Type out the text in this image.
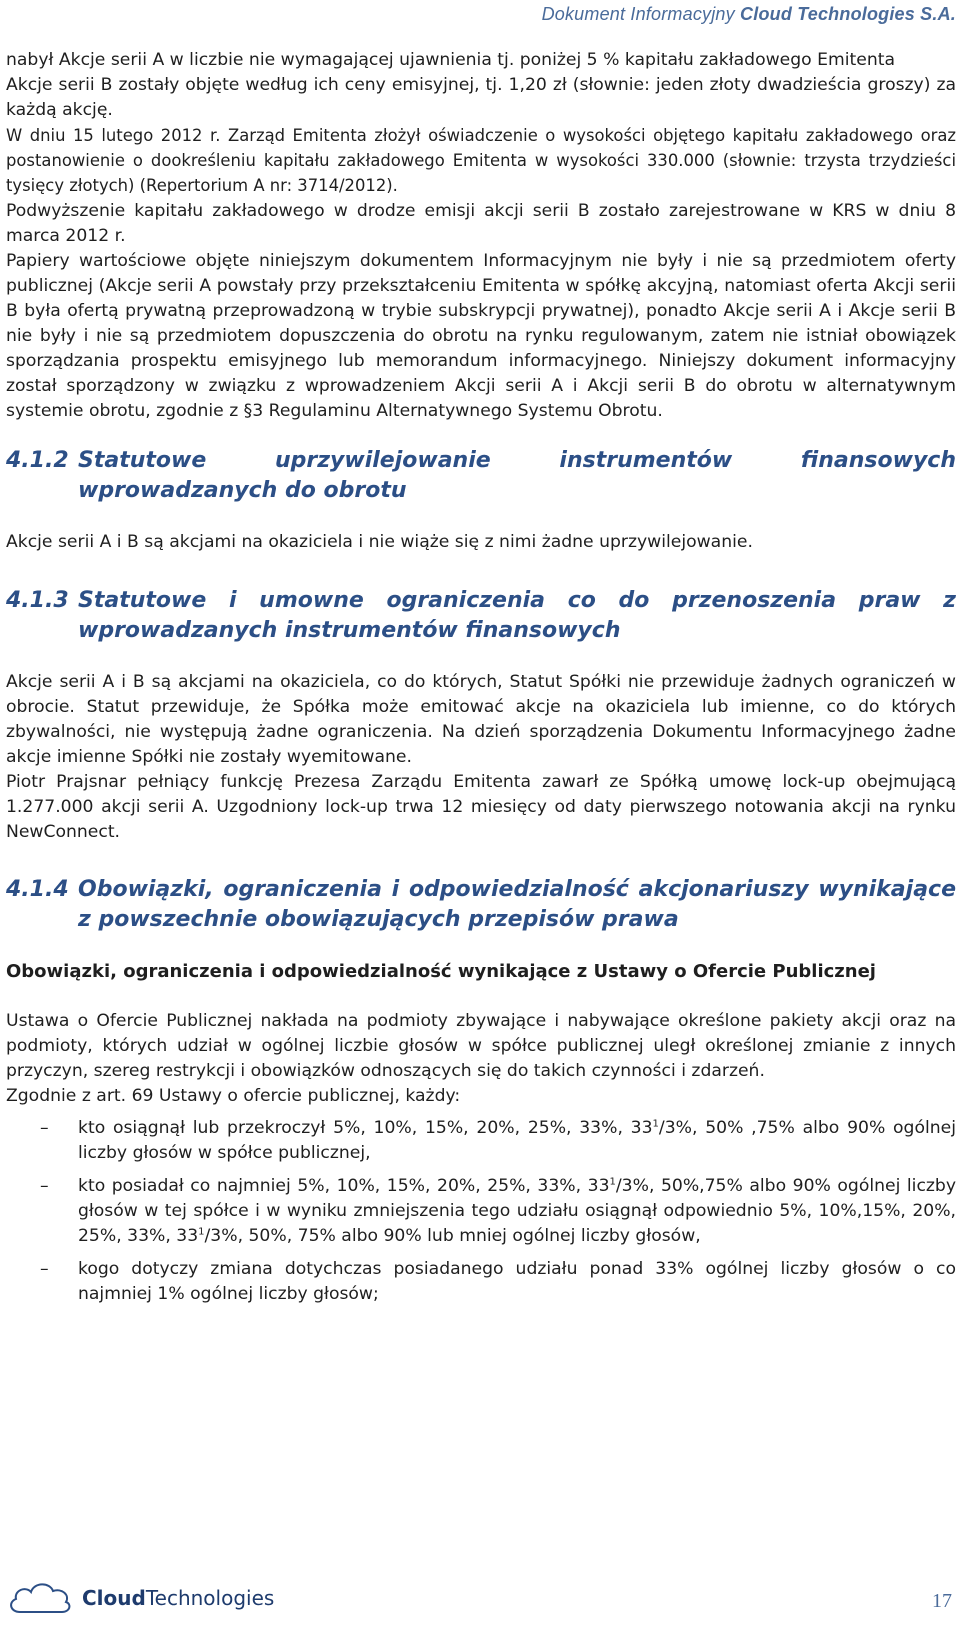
Dokument Informacyjny Cloud Technologies S.A.

nabył Akcje serii A w liczbie nie wymagającej ujawnienia tj. poniżej 5 % kapitału zakładowego Emitenta

Akcje serii B zostały objęte według ich ceny emisyjnej, tj. 1,20 zł (słownie: jeden złoty dwadzieścia groszy) za każdą akcję.

W dniu 15 lutego 2012 r. Zarząd Emitenta złożył oświadczenie o wysokości objętego kapitału zakładowego oraz postanowienie o dookreśleniu kapitału zakładowego Emitenta w wysokości 330.000 (słownie: trzysta trzydzieści tysięcy złotych) (Repertorium A nr: 3714/2012).

Podwyższenie kapitału zakładowego w drodze emisji akcji serii B zostało zarejestrowane w KRS w dniu 8 marca 2012 r.

Papiery wartościowe objęte niniejszym dokumentem Informacyjnym nie były i nie są przedmiotem oferty publicznej (Akcje serii A powstały przy przekształceniu Emitenta w spółkę akcyjną, natomiast oferta Akcji serii B była ofertą prywatną przeprowadzoną w trybie subskrypcji prywatnej), ponadto Akcje serii A i Akcje serii B nie były i nie są przedmiotem dopuszczenia do obrotu na rynku regulowanym, zatem nie istniał obowiązek sporządzania prospektu emisyjnego lub memorandum informacyjnego. Niniejszy dokument informacyjny został sporządzony w związku z wprowadzeniem Akcji serii A i Akcji serii B do obrotu w alternatywnym systemie obrotu, zgodnie z §3 Regulaminu Alternatywnego Systemu Obrotu.

4.1.2 Statutowe uprzywilejowanie instrumentów finansowych wprowadzanych do obrotu

Akcje serii A i B są akcjami na okaziciela i nie wiąże się z nimi żadne uprzywilejowanie.

4.1.3 Statutowe i umowne ograniczenia co do przenoszenia praw z wprowadzanych instrumentów finansowych

Akcje serii A i B są akcjami na okaziciela, co do których, Statut Spółki nie przewiduje żadnych ograniczeń w obrocie. Statut przewiduje, że Spółka może emitować akcje na okaziciela lub imienne, co do których zbywalności, nie występują żadne ograniczenia. Na dzień sporządzenia Dokumentu Informacyjnego żadne akcje imienne Spółki nie zostały wyemitowane.

Piotr Prajsnar pełniący funkcję Prezesa Zarządu Emitenta zawarł ze Spółką umowę lock-up obejmującą 1.277.000 akcji serii A. Uzgodniony lock-up trwa 12 miesięcy od daty pierwszego notowania akcji na rynku NewConnect.

4.1.4 Obowiązki, ograniczenia i odpowiedzialność akcjonariuszy wynikające z powszechnie obowiązujących przepisów prawa
Obowiązki, ograniczenia i odpowiedzialność wynikające z Ustawy o Ofercie Publicznej

Ustawa o Ofercie Publicznej nakłada na podmioty zbywające i nabywające określone pakiety akcji oraz na podmioty, których udział w ogólnej liczbie głosów w spółce publicznej uległ określonej zmianie z innych przyczyn, szereg restrykcji i obowiązków odnoszących się do takich czynności i zdarzeń.

Zgodnie z art. 69 Ustawy o ofercie publicznej, każdy:

–	kto osiągnął lub przekroczył 5%, 10%, 15%, 20%, 25%, 33%, $33^1/3\%$, 50% ,75% albo 90% ogólnej liczby głosów w spółce publicznej,
–	kto posiadał co najmniej 5%, 10%, 15%, 20%, 25%, 33%, $33^1/3\%$, 50%,75% albo 90% ogólnej liczby głosów w tej spółce i w wyniku zmniejszenia tego udziału osiągnął odpowiednio 5%, 10%,15%, 20%, 25%, 33%, $33^1/3\%$, 50%, 75% albo 90% lub mniej ogólnej liczby głosów,
–	kogo dotyczy zmiana dotychczas posiadanego udziału ponad 33% ogólnej liczby głosów o co najmniej 1% ogólnej liczby głosów;
CloudTechnologies	17
